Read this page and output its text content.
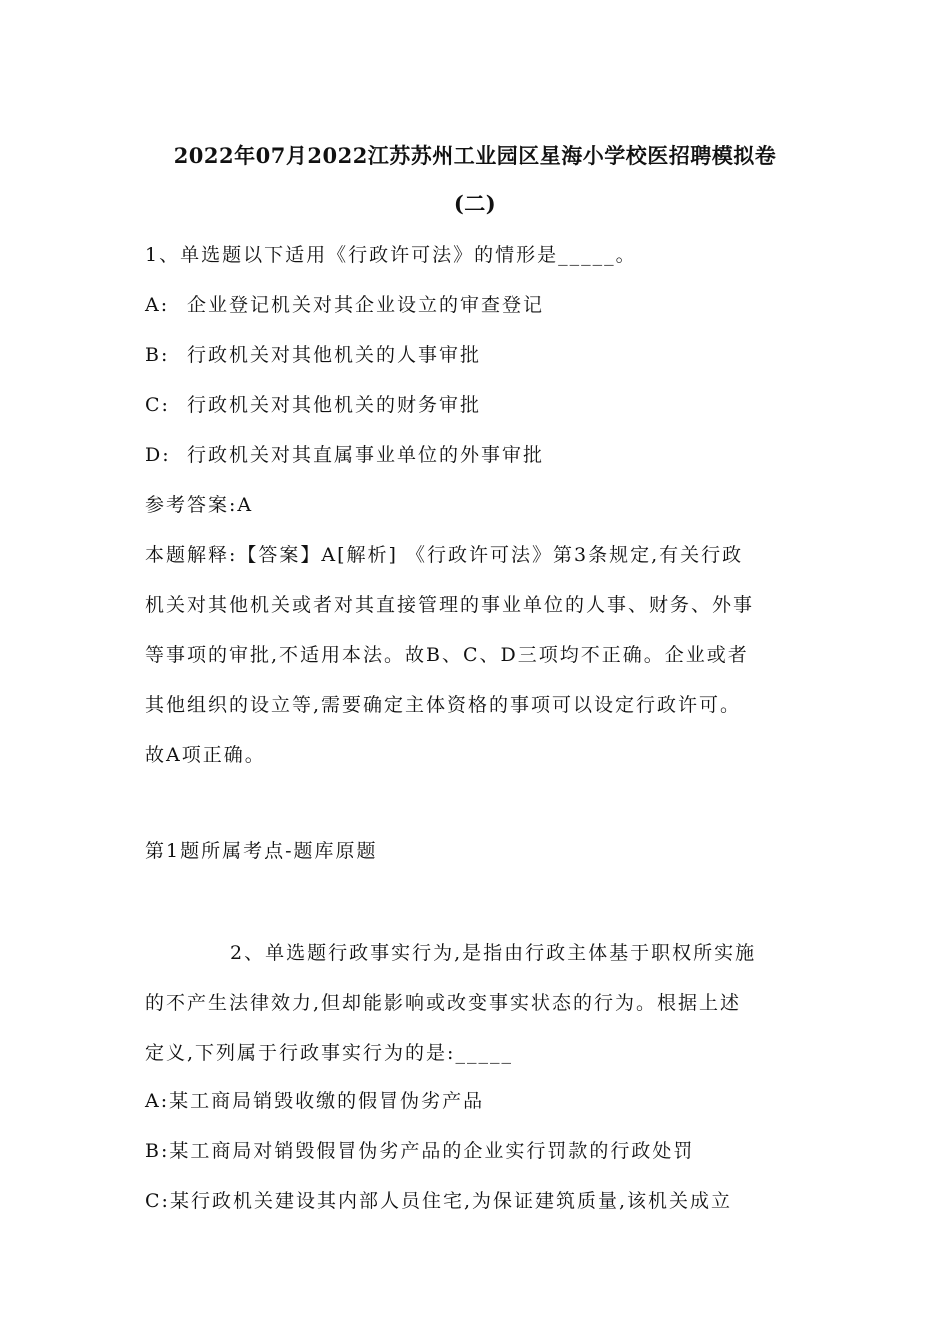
2022年07月2022江苏苏州工业园区星海小学校医招聘模拟卷
(二)
1、单选题以下适用《行政许可法》的情形是_____。
A: 企业登记机关对其企业设立的审查登记
B: 行政机关对其他机关的人事审批
C: 行政机关对其他机关的财务审批
D: 行政机关对其直属事业单位的外事审批
参考答案:A
本题解释:【答案】A[解析] 《行政许可法》第3条规定,有关行政
机关对其他机关或者对其直接管理的事业单位的人事、财务、外事
等事项的审批,不适用本法。故B、C、D三项均不正确。企业或者
其他组织的设立等,需要确定主体资格的事项可以设定行政许可。
故A项正确。
第1题所属考点-题库原题
2、单选题行政事实行为,是指由行政主体基于职权所实施
的不产生法律效力,但却能影响或改变事实状态的行为。根据上述
定义,下列属于行政事实行为的是:_____
A:某工商局销毁收缴的假冒伪劣产品
B:某工商局对销毁假冒伪劣产品的企业实行罚款的行政处罚
C:某行政机关建设其内部人员住宅,为保证建筑质量,该机关成立
